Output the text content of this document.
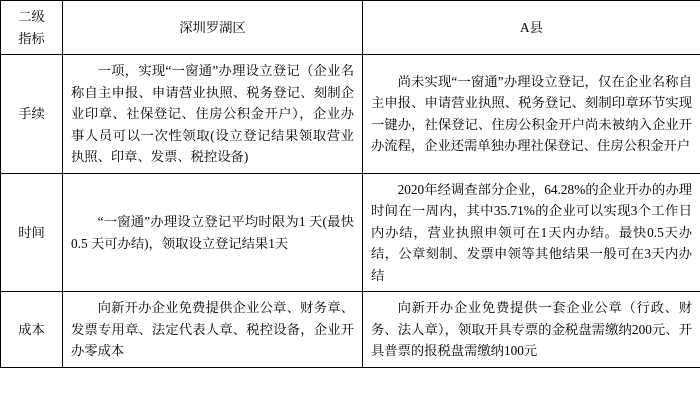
二级
指标	深圳罗湖区	A县
手续	一项，实现“一窗通”办理设立登记（企业名称自主申报、申请营业执照、税务登记、刻制企业印章、社保登记、住房公积金开户），企业办事人员可以一次性领取(设立登记结果领取营业执照、印章、发票、税控设备)	尚未实现“一窗通”办理设立登记，仅在企业名称自主申报、申请营业执照、税务登记、刻制印章环节实现一键办，社保登记、住房公积金开户尚未被纳入企业开办流程，企业还需单独办理社保登记、住房公积金开户
时间	“一窗通”办理设立登记平均时限为1 天(最快0.5 天可办结)，领取设立登记结果1天	2020年经调查部分企业，64.28%的企业开办的办理时间在一周内，其中35.71%的企业可以实现3个工作日内办结，营业执照申领可在1天内办结。最快0.5天办结，公章刻制、发票申领等其他结果一般可在3天内办结
成本	向新开办企业免费提供企业公章、财务章、发票专用章、法定代表人章、税控设备，企业开办零成本	向新开办企业免费提供一套企业公章（行政、财务、法人章），领取开具专票的金税盘需缴纳200元、开具普票的报税盘需缴纳100元
